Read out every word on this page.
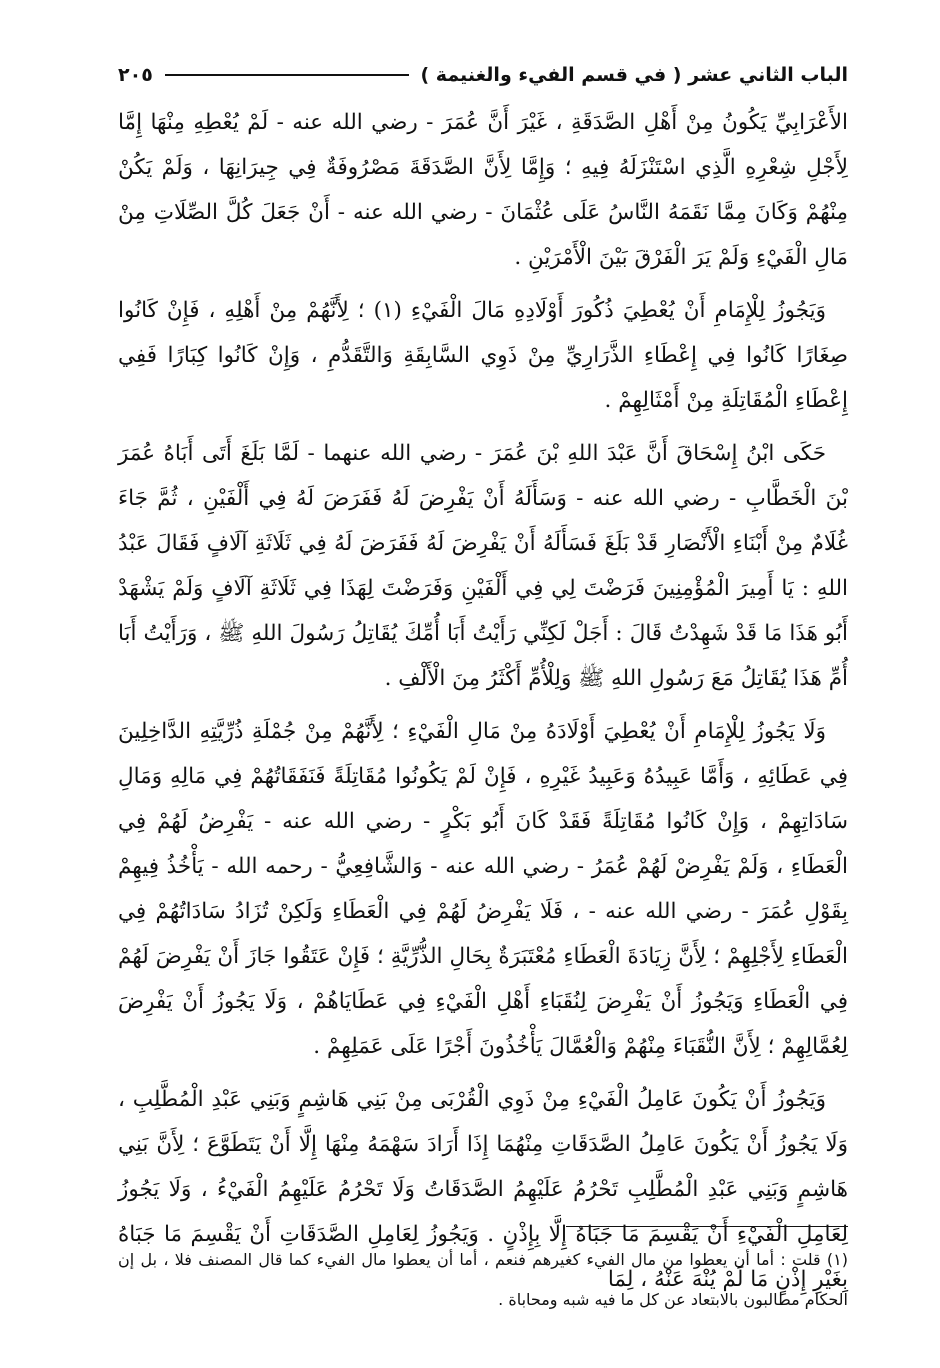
الباب الثاني عشر ( في قسم الفيء والغنيمة )
٢٠٥

الأَعْرَابِيِّ يَكُونُ مِنْ أَهْلِ الصَّدَقَةِ ، غَيْرَ أَنَّ عُمَرَ - رضي الله عنه - لَمْ يُعْطِهِ مِنْهَا إِمَّا لِأَجْلِ شِعْرِهِ الَّذِي اسْتَنْزَلَهُ فِيهِ ؛ وَإِمَّا لِأَنَّ الصَّدَقَةَ مَصْرُوفَةٌ فِي جِيرَانِهَا ، وَلَمْ يَكُنْ مِنْهُمْ وَكَانَ مِمَّا نَقَمَهُ النَّاسُ عَلَى عُثْمَانَ - رضي الله عنه - أَنْ جَعَلَ كُلَّ الصِّلَاتِ مِنْ مَالِ الْفَيْءِ وَلَمْ يَرَ الْفَرْقَ بَيْنَ الْأَمْرَيْنِ .

وَيَجُوزُ لِلْإِمَامِ أَنْ يُعْطِيَ ذُكُورَ أَوْلَادِهِ مَالَ الْفَيْءِ (١) ؛ لِأَنَّهُمْ مِنْ أَهْلِهِ ، فَإِنْ كَانُوا صِغَارًا كَانُوا فِي إِعْطَاءِ الذَّرَارِيِّ مِنْ ذَوِي السَّابِقَةِ وَالتَّقَدُّمِ ، وَإِنْ كَانُوا كِبَارًا فَفِي إِعْطَاءِ الْمُقَاتِلَةِ مِنْ أَمْثَالِهِمْ .

حَكَى ابْنُ إِسْحَاقَ أَنَّ عَبْدَ اللهِ بْنَ عُمَرَ - رضي الله عنهما - لَمَّا بَلَغَ أَتَى أَبَاهُ عُمَرَ بْنَ الْخَطَّابِ - رضي الله عنه - وَسَأَلَهُ أَنْ يَفْرِضَ لَهُ فَفَرَضَ لَهُ فِي أَلْفَيْنِ ، ثُمَّ جَاءَ غُلَامٌ مِنْ أَبْنَاءِ الْأَنْصَارِ قَدْ بَلَغَ فَسَأَلَهُ أَنْ يَفْرِضَ لَهُ فَفَرَضَ لَهُ فِي ثَلَاثَةِ آلَافٍ فَقَالَ عَبْدُ اللهِ : يَا أَمِيرَ الْمُؤْمِنِينَ فَرَضْتَ لِي فِي أَلْفَيْنِ وَفَرَضْتَ لِهَذَا فِي ثَلَاثَةِ آلَافٍ وَلَمْ يَشْهَدْ أَبُو هَذَا مَا قَدْ شَهِدْتُ قَالَ : أَجَلْ لَكِنِّي رَأَيْتُ أَبَا أُمِّكَ يُقَاتِلُ رَسُولَ اللهِ ﷺ ، وَرَأَيْتُ أَبَا أُمِّ هَذَا يُقَاتِلُ مَعَ رَسُولِ اللهِ ﷺ وَلِلْأُمِّ أَكْثَرُ مِنَ الْأَلْفِ .

وَلَا يَجُوزُ لِلْإِمَامِ أَنْ يُعْطِيَ أَوْلَادَهُ مِنْ مَالِ الْفَيْءِ ؛ لِأَنَّهُمْ مِنْ جُمْلَةِ ذُرِّيَّتِهِ الدَّاخِلِينَ فِي عَطَائِهِ ، وَأَمَّا عَبِيدُهُ وَعَبِيدُ غَيْرِهِ ، فَإِنْ لَمْ يَكُونُوا مُقَاتِلَةً فَنَفَقَاتُهُمْ فِي مَالِهِ وَمَالِ سَادَاتِهِمْ ، وَإِنْ كَانُوا مُقَاتِلَةً فَقَدْ كَانَ أَبُو بَكْرٍ - رضي الله عنه - يَفْرِضُ لَهُمْ فِي الْعَطَاءِ ، وَلَمْ يَفْرِضْ لَهُمْ عُمَرُ - رضي الله عنه - وَالشَّافِعِيُّ - رحمه الله - يَأْخُذُ فِيهِمْ بِقَوْلِ عُمَرَ - رضي الله عنه - ، فَلَا يَفْرِضُ لَهُمْ فِي الْعَطَاءِ وَلَكِنْ تُزَادُ سَادَاتُهُمْ فِي الْعَطَاءِ لِأَجْلِهِمْ ؛ لِأَنَّ زِيَادَةَ الْعَطَاءِ مُعْتَبَرَةٌ بِحَالِ الذُّرِّيَّةِ ؛ فَإِنْ عَتَقُوا جَازَ أَنْ يَفْرِضَ لَهُمْ فِي الْعَطَاءِ وَيَجُوزُ أَنْ يَفْرِضَ لِنُقَبَاءِ أَهْلِ الْفَيْءِ فِي عَطَايَاهُمْ ، وَلَا يَجُوزُ أَنْ يَفْرِضَ لِعُمَّالِهِمْ ؛ لِأَنَّ النُّقَبَاءَ مِنْهُمْ وَالْعُمَّالَ يَأْخُذُونَ أَجْرًا عَلَى عَمَلِهِمْ .

وَيَجُوزُ أَنْ يَكُونَ عَامِلُ الْفَيْءِ مِنْ ذَوِي الْقُرْبَى مِنْ بَنِي هَاشِمٍ وَبَنِي عَبْدِ الْمُطَّلِبِ ، وَلَا يَجُوزُ أَنْ يَكُونَ عَامِلُ الصَّدَقَاتِ مِنْهُمَا إِذَا أَرَادَ سَهْمَهُ مِنْهَا إِلَّا أَنْ يَتَطَوَّعَ ؛ لِأَنَّ بَنِي هَاشِمٍ وَبَنِي عَبْدِ الْمُطَّلِبِ تَحْرُمُ عَلَيْهِمُ الصَّدَقَاتُ وَلَا تَحْرُمُ عَلَيْهِمُ الْفَيْءُ ، وَلَا يَجُوزُ لِعَامِلِ الْفَيْءِ أَنْ يَقْسِمَ مَا جَبَاهُ إِلَّا بِإِذْنٍ . وَيَجُوزُ لِعَامِلِ الصَّدَقَاتِ أَنْ يَقْسِمَ مَا جَبَاهُ بِغَيْرِ إِذْنٍ مَا لَمْ يُنْهَ عَنْهُ ، لِمَا

(١) قلت : أما أن يعطوا من مال الفيء كغيرهم فنعم ، أما أن يعطوا مال الفيء كما قال المصنف فلا ، بل إن الحكام مطالبون بالابتعاد عن كل ما فيه شبه ومحاباة .
